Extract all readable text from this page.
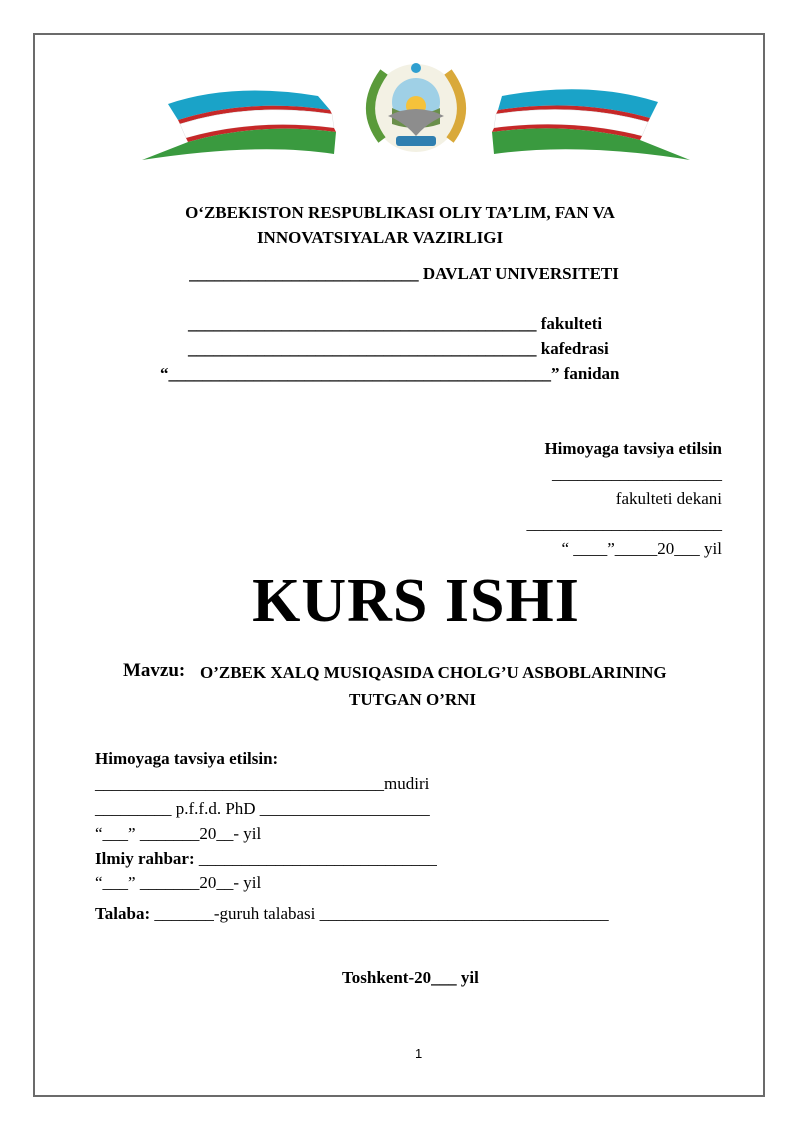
O‘ZBEKISTON RESPUBLIKASI OLIY TA’LIM, FAN VA
INNOVATSIYALAR VAZIRLIGI
___________________________ DAVLAT UNIVERSITETI
_________________________________________ fakulteti
_________________________________________ kafedrasi
“_____________________________________________” fanidan
Himoyaga tavsiya etilsin
____________________
fakulteti dekani
_______________________
“ ____”_____20___ yil
KURS ISHI
Mavzu: O’ZBEK XALQ MUSIQASIDA CHOLG’U ASBOBLARINING
TUTGAN O’RNI
Himoyaga tavsiya etilsin:
__________________________________mudiri
_________ p.f.f.d. PhD ____________________
“___” _______20__- yil
Ilmiy rahbar: ____________________________
“___” _______20__- yil
Talaba: _______-guruh talabasi __________________________________
Toshkent-20___ yil
1
